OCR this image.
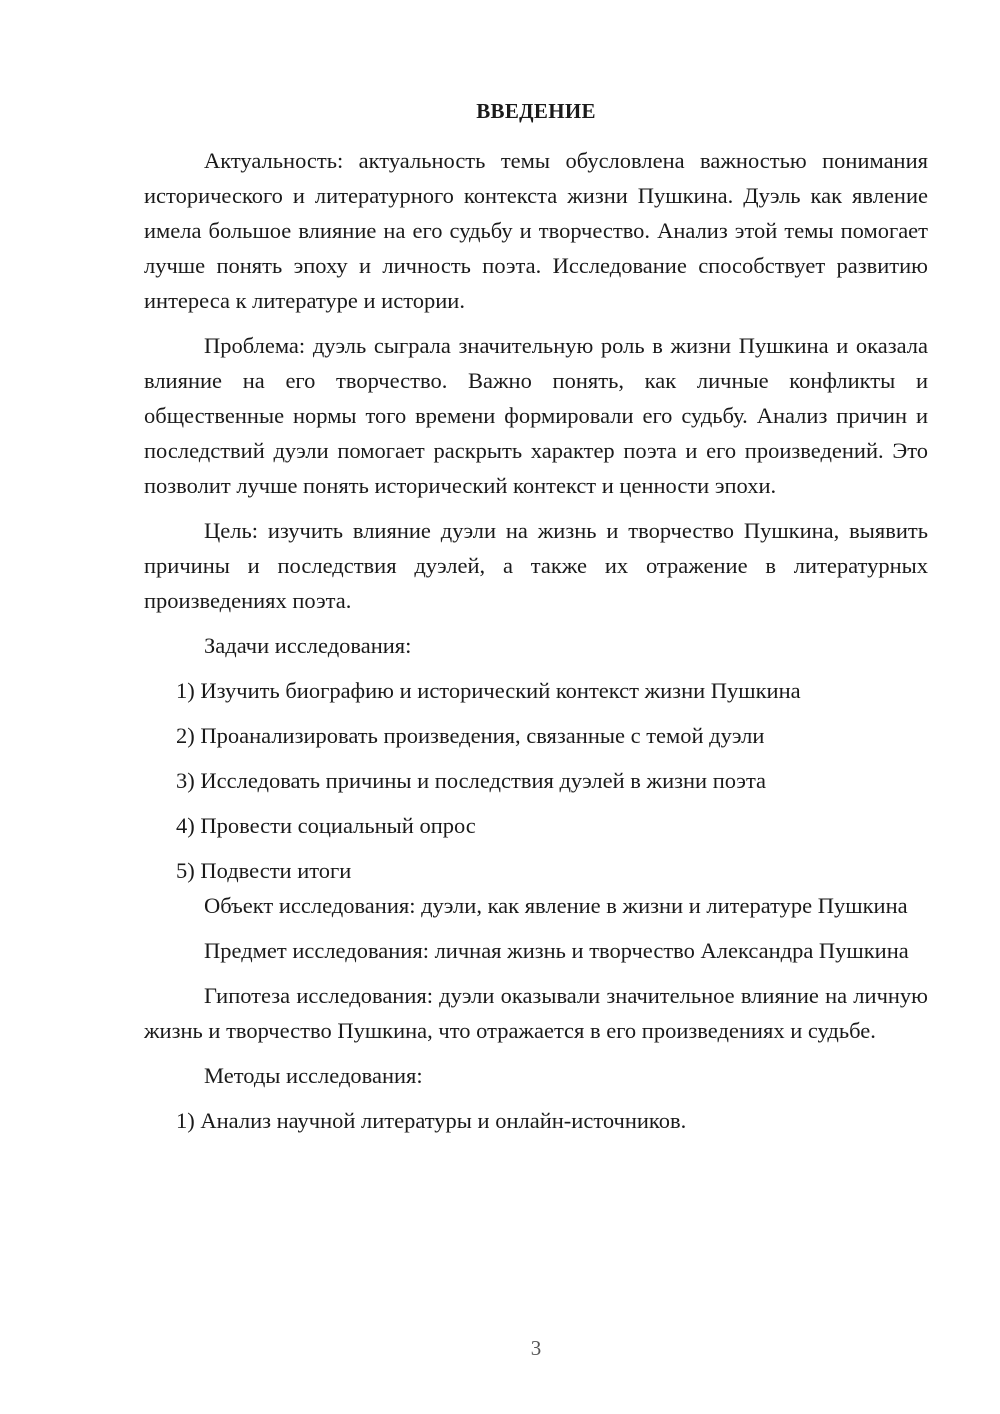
ВВЕДЕНИЕ

Актуальность: актуальность темы обусловлена важностью понимания исторического и литературного контекста жизни Пушкина. Дуэль как явление имела большое влияние на его судьбу и творчество. Анализ этой темы помогает лучше понять эпоху и личность поэта. Исследование способствует развитию интереса к литературе и истории.

Проблема: дуэль сыграла значительную роль в жизни Пушкина и оказала влияние на его творчество. Важно понять, как личные конфликты и общественные нормы того времени формировали его судьбу. Анализ причин и последствий дуэли помогает раскрыть характер поэта и его произведений. Это позволит лучше понять исторический контекст и ценности эпохи.

Цель: изучить влияние дуэли на жизнь и творчество Пушкина, выявить причины и последствия дуэлей, а также их отражение в литературных произведениях поэта.

Задачи исследования:

1) Изучить биографию и исторический контекст жизни Пушкина

2) Проанализировать произведения, связанные с темой дуэли

3) Исследовать причины и последствия дуэлей в жизни поэта

4) Провести социальный опрос

5) Подвести итоги

Объект исследования: дуэли, как явление в жизни и литературе Пушкина

Предмет исследования: личная жизнь и творчество Александра Пушкина

Гипотеза исследования: дуэли оказывали значительное влияние на личную жизнь и творчество Пушкина, что отражается в его произведениях и судьбе.

Методы исследования:

1) Анализ научной литературы и онлайн-источников.

3
